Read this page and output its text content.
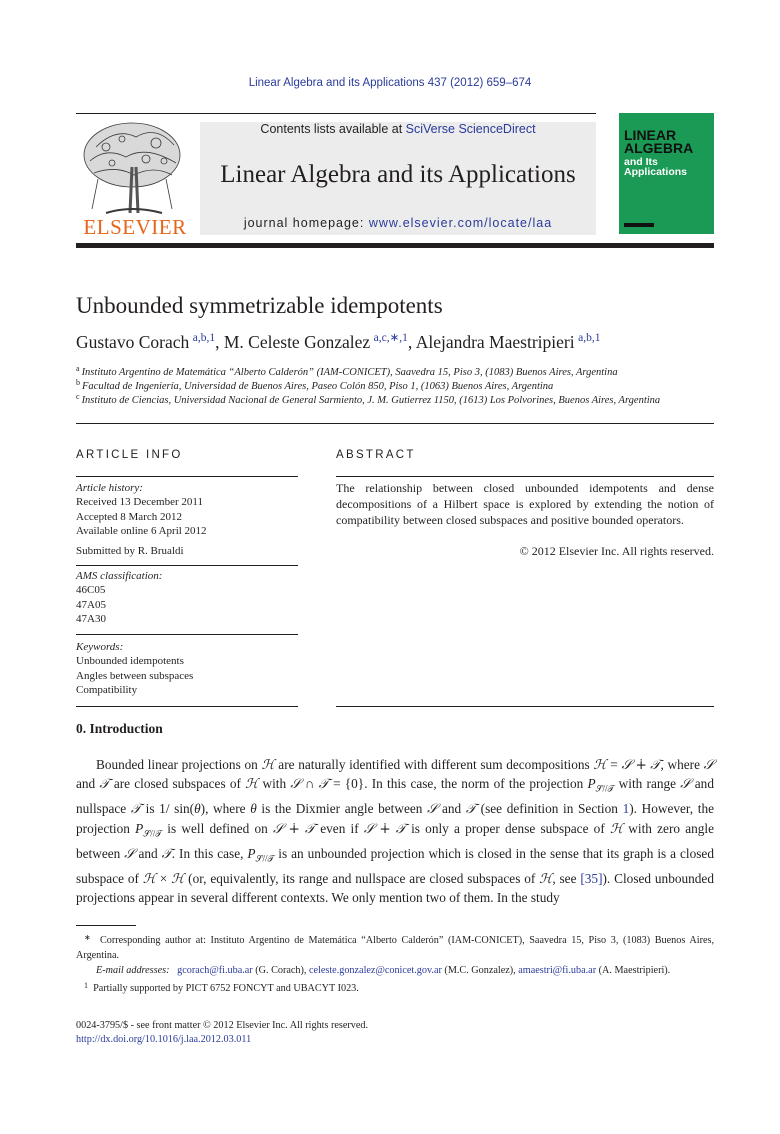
Linear Algebra and its Applications 437 (2012) 659–674
ELSEVIER
Contents lists available at SciVerse ScienceDirect
Linear Algebra and its Applications
journal homepage: www.elsevier.com/locate/laa
LINEAR
ALGEBRA
and Its
Applications
Unbounded symmetrizable idempotents
Gustavo Corach  $^{a,b,1}$, M. Celeste Gonzalez  $^{a,c,∗,1}$, Alejandra Maestripieri  $^{a,b,1}$
$^a$ Instituto Argentino de Matemática “Alberto Calderón” (IAM-CONICET), Saavedra 15, Piso 3, (1083) Buenos Aires, Argentina
$^b$ Facultad de Ingeniería, Universidad de Buenos Aires, Paseo Colón 850, Piso 1, (1063) Buenos Aires, Argentina
$^c$ Instituto de Ciencias, Universidad Nacional de General Sarmiento, J. M. Gutierrez 1150, (1613) Los Polvorines, Buenos Aires, Argentina
ARTICLE INFO	ABSTRACT
Article history:
Received 13 December 2011
Accepted 8 March 2012
Available online 6 April 2012
Submitted by R. Brualdi
AMS classification:
46C05
47A05
47A30
Keywords:
Unbounded idempotents
Angles between subspaces
Compatibility
The relationship between closed unbounded idempotents and dense decompositions of a Hilbert space is explored by extending the notion of compatibility between closed subspaces and positive bounded operators.
© 2012 Elsevier Inc. All rights reserved.
0. Introduction

Bounded linear projections on ℋ are naturally identified with different sum decompositions ℋ = 𝒮 ∔ 𝒯, where 𝒮 and 𝒯 are closed subspaces of ℋ with 𝒮 ∩ 𝒯 = {0}. In this case, the norm of the projection $P_{𝒮//𝒯}$ with range 𝒮 and nullspace 𝒯 is 1/ sin(θ), where θ is the Dixmier angle between 𝒮 and 𝒯 (see definition in Section 1). However, the projection $P_{𝒮//𝒯}$ is well defined on 𝒮 ∔ 𝒯 even if 𝒮 ∔ 𝒯 is only a proper dense subspace of ℋ with zero angle between 𝒮 and 𝒯. In this case, $P_{𝒮//𝒯}$ is an unbounded projection which is closed in the sense that its graph is a closed subspace of ℋ × ℋ (or, equivalently, its range and nullspace are closed subspaces of ℋ, see [35]). Closed unbounded projections appear in several different contexts. We only mention two of them. In the study

∗ Corresponding author at: Instituto Argentino de Matemática “Alberto Calderón” (IAM-CONICET), Saavedra 15, Piso 3, (1083) Buenos Aires, Argentina.
E-mail addresses: gcorach@fi.uba.ar (G. Corach), celeste.gonzalez@conicet.gov.ar (M.C. Gonzalez), amaestri@fi.uba.ar (A. Maestripieri).
$^1$ Partially supported by PICT 6752 FONCYT and UBACYT I023.
0024-3795/$ - see front matter © 2012 Elsevier Inc. All rights reserved.
http://dx.doi.org/10.1016/j.laa.2012.03.011
